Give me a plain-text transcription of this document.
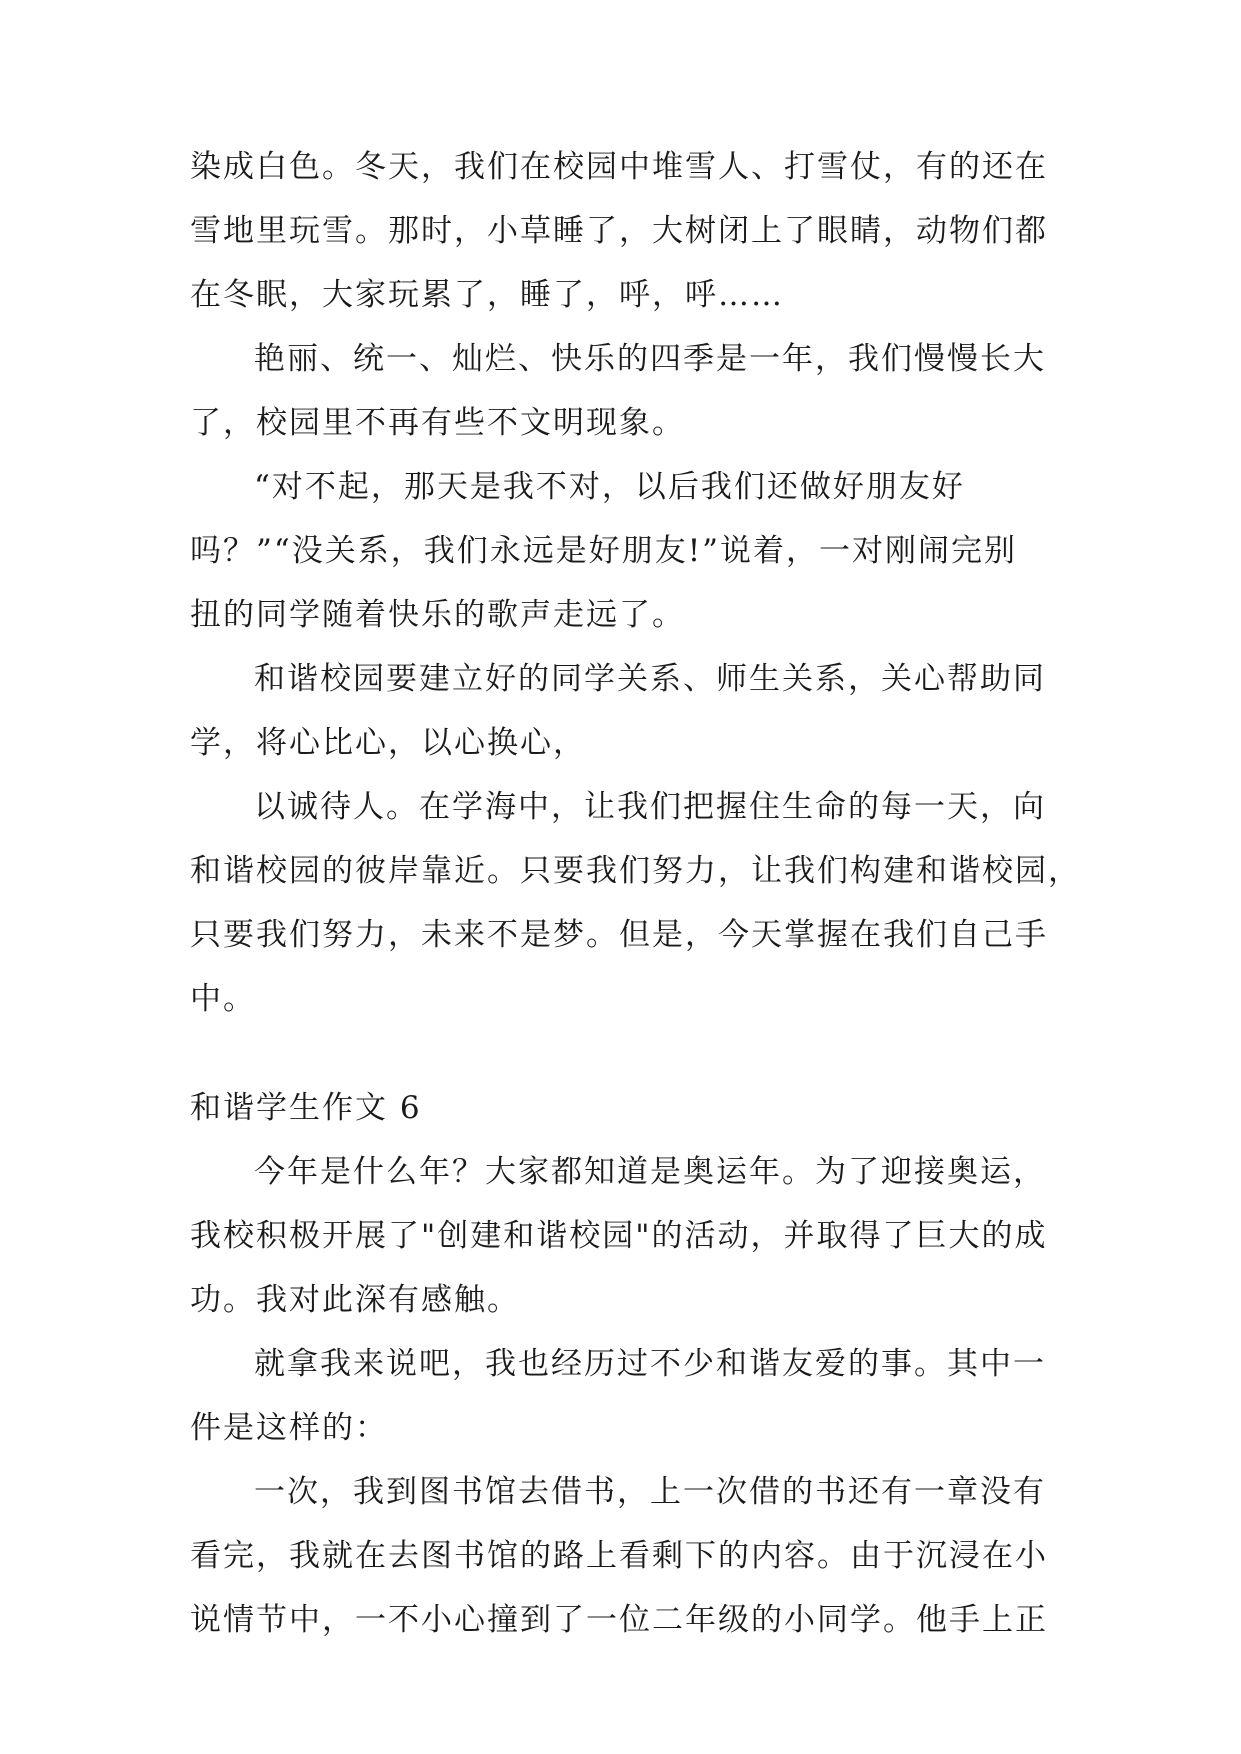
染成白色。冬天，我们在校园中堆雪人、打雪仗，有的还在
雪地里玩雪。那时，小草睡了，大树闭上了眼睛，动物们都
在冬眠，大家玩累了，睡了，呼，呼……
艳丽、统一、灿烂、快乐的四季是一年，我们慢慢长大
了，校园里不再有些不文明现象。
“对不起，那天是我不对，以后我们还做好朋友好
吗？”“没关系，我们永远是好朋友!”说着，一对刚闹完别
扭的同学随着快乐的歌声走远了。
和谐校园要建立好的同学关系、师生关系，关心帮助同
学，将心比心，以心换心，
以诚待人。在学海中，让我们把握住生命的每一天，向
和谐校园的彼岸靠近。只要我们努力，让我们构建和谐校园，
只要我们努力，未来不是梦。但是，今天掌握在我们自己手
中。
和谐学生作文 6
今年是什么年？大家都知道是奥运年。为了迎接奥运，
我校积极开展了"创建和谐校园"的活动，并取得了巨大的成
功。我对此深有感触。
就拿我来说吧，我也经历过不少和谐友爱的事。其中一
件是这样的：
一次，我到图书馆去借书，上一次借的书还有一章没有
看完，我就在去图书馆的路上看剩下的内容。由于沉浸在小
说情节中，一不小心撞到了一位二年级的小同学。他手上正
